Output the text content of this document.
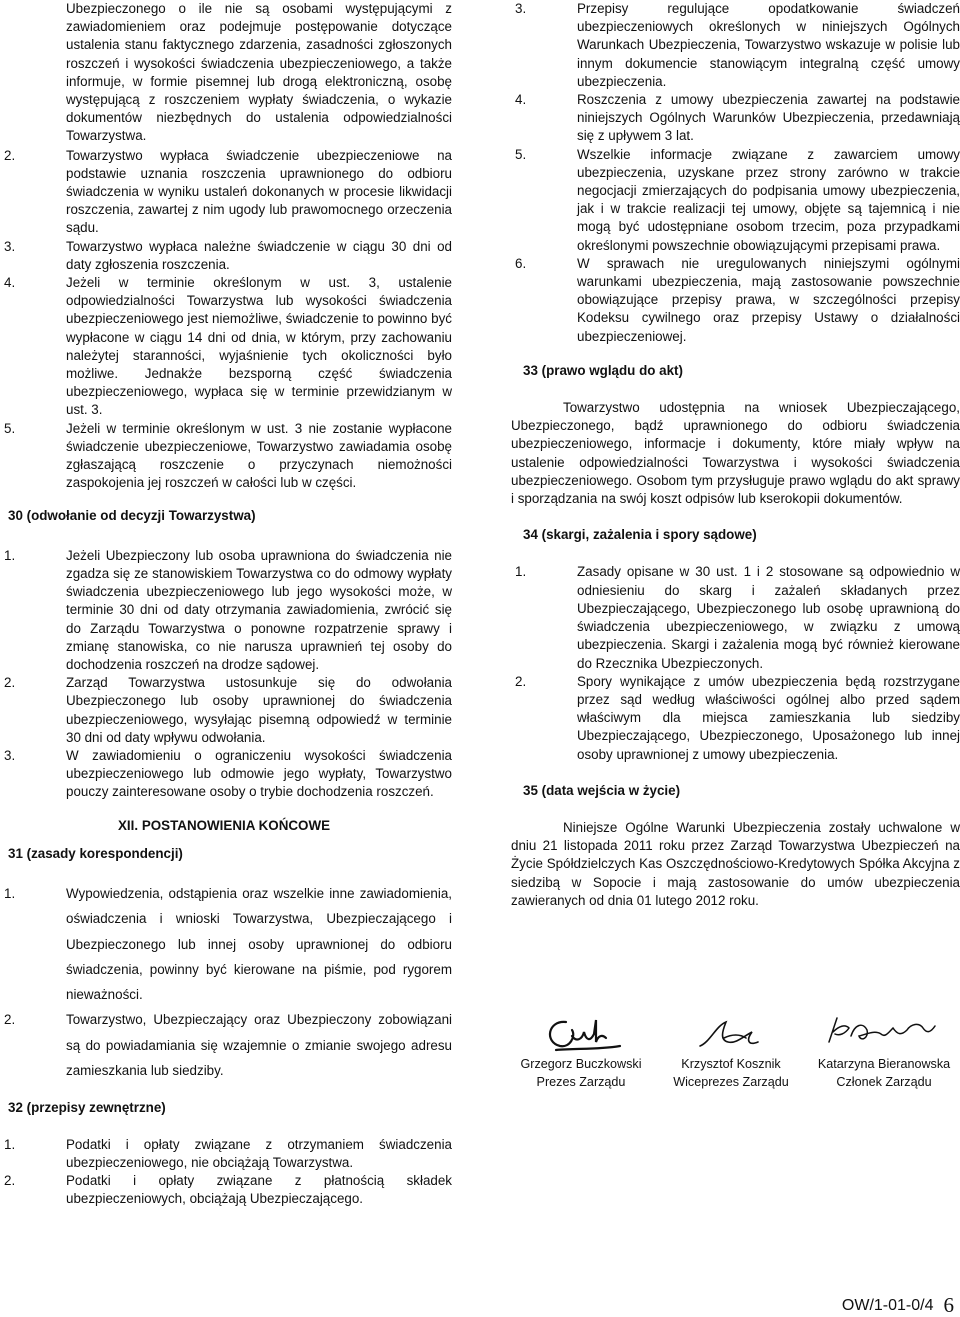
Ubezpieczonego o ile nie są osobami występującymi z zawiadomieniem oraz podejmuje postępowanie dotyczące ustalenia stanu faktycznego zdarzenia, zasadności zgłoszonych roszczeń i wysokości świadczenia ubezpieczeniowego, a także informuje, w formie pisemnej lub drogą elektroniczną, osobę występującą z roszczeniem wypłaty świadczenia, o wykazie dokumentów niezbędnych do ustalenia odpowiedzialności Towarzystwa.
2.	Towarzystwo wypłaca świadczenie ubezpieczeniowe na podstawie uznania roszczenia uprawnionego do odbioru świadczenia w wyniku ustaleń dokonanych w procesie likwidacji roszczenia, zawartej z nim ugody lub prawomocnego orzeczenia sądu.
3.	Towarzystwo wypłaca należne świadczenie w ciągu 30 dni od daty zgłoszenia roszczenia.
4.	Jeżeli w terminie określonym w ust. 3, ustalenie odpowiedzialności Towarzystwa lub wysokości świadczenia ubezpieczeniowego jest niemożliwe, świadczenie to powinno być wypłacone w ciągu 14 dni od dnia, w którym, przy zachowaniu należytej staranności, wyjaśnienie tych okoliczności było możliwe. Jednakże bezsporną część świadczenia ubezpieczeniowego, wypłaca się w terminie przewidzianym w ust. 3.
5.	Jeżeli w terminie określonym w ust. 3 nie zostanie wypłacone świadczenie ubezpieczeniowe, Towarzystwo zawiadamia osobę zgłaszającą roszczenie o przyczynach niemożności zaspokojenia jej roszczeń w całości lub w części.
30 (odwołanie od decyzji Towarzystwa)
1.	Jeżeli Ubezpieczony lub osoba uprawniona do świadczenia nie zgadza się ze stanowiskiem Towarzystwa co do odmowy wypłaty świadczenia ubezpieczeniowego lub jego wysokości może, w terminie 30 dni od daty otrzymania zawiadomienia, zwrócić się do Zarządu Towarzystwa o ponowne rozpatrzenie sprawy i zmianę stanowiska, co nie narusza uprawnień tej osoby do dochodzenia roszczeń na drodze sądowej.
2.	Zarząd Towarzystwa ustosunkuje się do odwołania Ubezpieczonego lub osoby uprawnionej do świadczenia ubezpieczeniowego, wysyłając pisemną odpowiedź w terminie 30 dni od daty wpływu odwołania.
3.	W zawiadomieniu o ograniczeniu wysokości świadczenia ubezpieczeniowego lub odmowie jego wypłaty, Towarzystwo pouczy zainteresowane osoby o trybie dochodzenia roszczeń.
XII. POSTANOWIENIA KOŃCOWE
31 (zasady korespondencji)
1.	Wypowiedzenia, odstąpienia oraz wszelkie inne zawiadomienia, oświadczenia i wnioski Towarzystwa, Ubezpieczającego i Ubezpieczonego lub innej osoby uprawnionej do odbioru świadczenia, powinny być kierowane na piśmie, pod rygorem nieważności.
2.	Towarzystwo, Ubezpieczający oraz Ubezpieczony zobowiązani są do powiadamiania się wzajemnie o zmianie swojego adresu zamieszkania lub siedziby.
32 (przepisy zewnętrzne)
1.	Podatki i opłaty związane z otrzymaniem świadczenia ubezpieczeniowego, nie obciążają Towarzystwa.
2.	Podatki i opłaty związane z płatnością składek ubezpieczeniowych, obciążają Ubezpieczającego.
3.	Przepisy regulujące opodatkowanie świadczeń ubezpieczeniowych określonych w niniejszych Ogólnych Warunkach Ubezpieczenia, Towarzystwo wskazuje w polisie lub innym dokumencie stanowiącym integralną część umowy ubezpieczenia.
4.	Roszczenia z umowy ubezpieczenia zawartej na podstawie niniejszych Ogólnych Warunków Ubezpieczenia, przedawniają się z upływem 3 lat.
5.	Wszelkie informacje związane z zawarciem umowy ubezpieczenia, uzyskane przez strony zarówno w trakcie negocjacji zmierzających do podpisania umowy ubezpieczenia, jak i w trakcie realizacji tej umowy, objęte są tajemnicą i nie mogą być udostępniane osobom trzecim, poza przypadkami określonymi powszechnie obowiązującymi przepisami prawa.
6.	W sprawach nie uregulowanych niniejszymi ogólnymi warunkami ubezpieczenia, mają zastosowanie powszechnie obowiązujące przepisy prawa, w szczególności przepisy Kodeksu cywilnego oraz przepisy Ustawy o działalności ubezpieczeniowej.
33 (prawo wglądu do akt)
Towarzystwo udostępnia na wniosek Ubezpieczającego, Ubezpieczonego, bądź uprawnionego do odbioru świadczenia ubezpieczeniowego, informacje i dokumenty, które miały wpływ na ustalenie odpowiedzialności Towarzystwa i wysokości świadczenia ubezpieczeniowego. Osobom tym przysługuje prawo wglądu do akt sprawy i sporządzania na swój koszt odpisów lub kserokopii dokumentów.
34 (skargi, zażalenia i spory sądowe)
1.	Zasady opisane w 30 ust. 1 i 2 stosowane są odpowiednio w odniesieniu do skarg i zażaleń składanych przez Ubezpieczającego, Ubezpieczonego lub osobę uprawnioną do świadczenia ubezpieczeniowego, w związku z umową ubezpieczenia. Skargi i zażalenia mogą być również kierowane do Rzecznika Ubezpieczonych.
2.	Spory wynikające z umów ubezpieczenia będą rozstrzygane przez sąd według właściwości ogólnej albo przed sądem właściwym dla miejsca zamieszkania lub siedziby Ubezpieczającego, Ubezpieczonego, Uposażonego lub innej osoby uprawnionej z umowy ubezpieczenia.
35 (data wejścia w życie)
Niniejsze Ogólne Warunki Ubezpieczenia zostały uchwalone w dniu 21 listopada 2011 roku przez Zarząd Towarzystwa Ubezpieczeń na Życie Spółdzielczych Kas Oszczędnościowo-Kredytowych Spółka Akcyjna z siedzibą w Sopocie i mają zastosowanie do umów ubezpieczenia zawieranych od dnia 01 lutego 2012 roku.
Grzegorz Buczkowski
Prezes Zarządu
Krzysztof Kosznik
Wiceprezes Zarządu
Katarzyna Bieranowska
Członek Zarządu
OW/1-01-0/4 6
